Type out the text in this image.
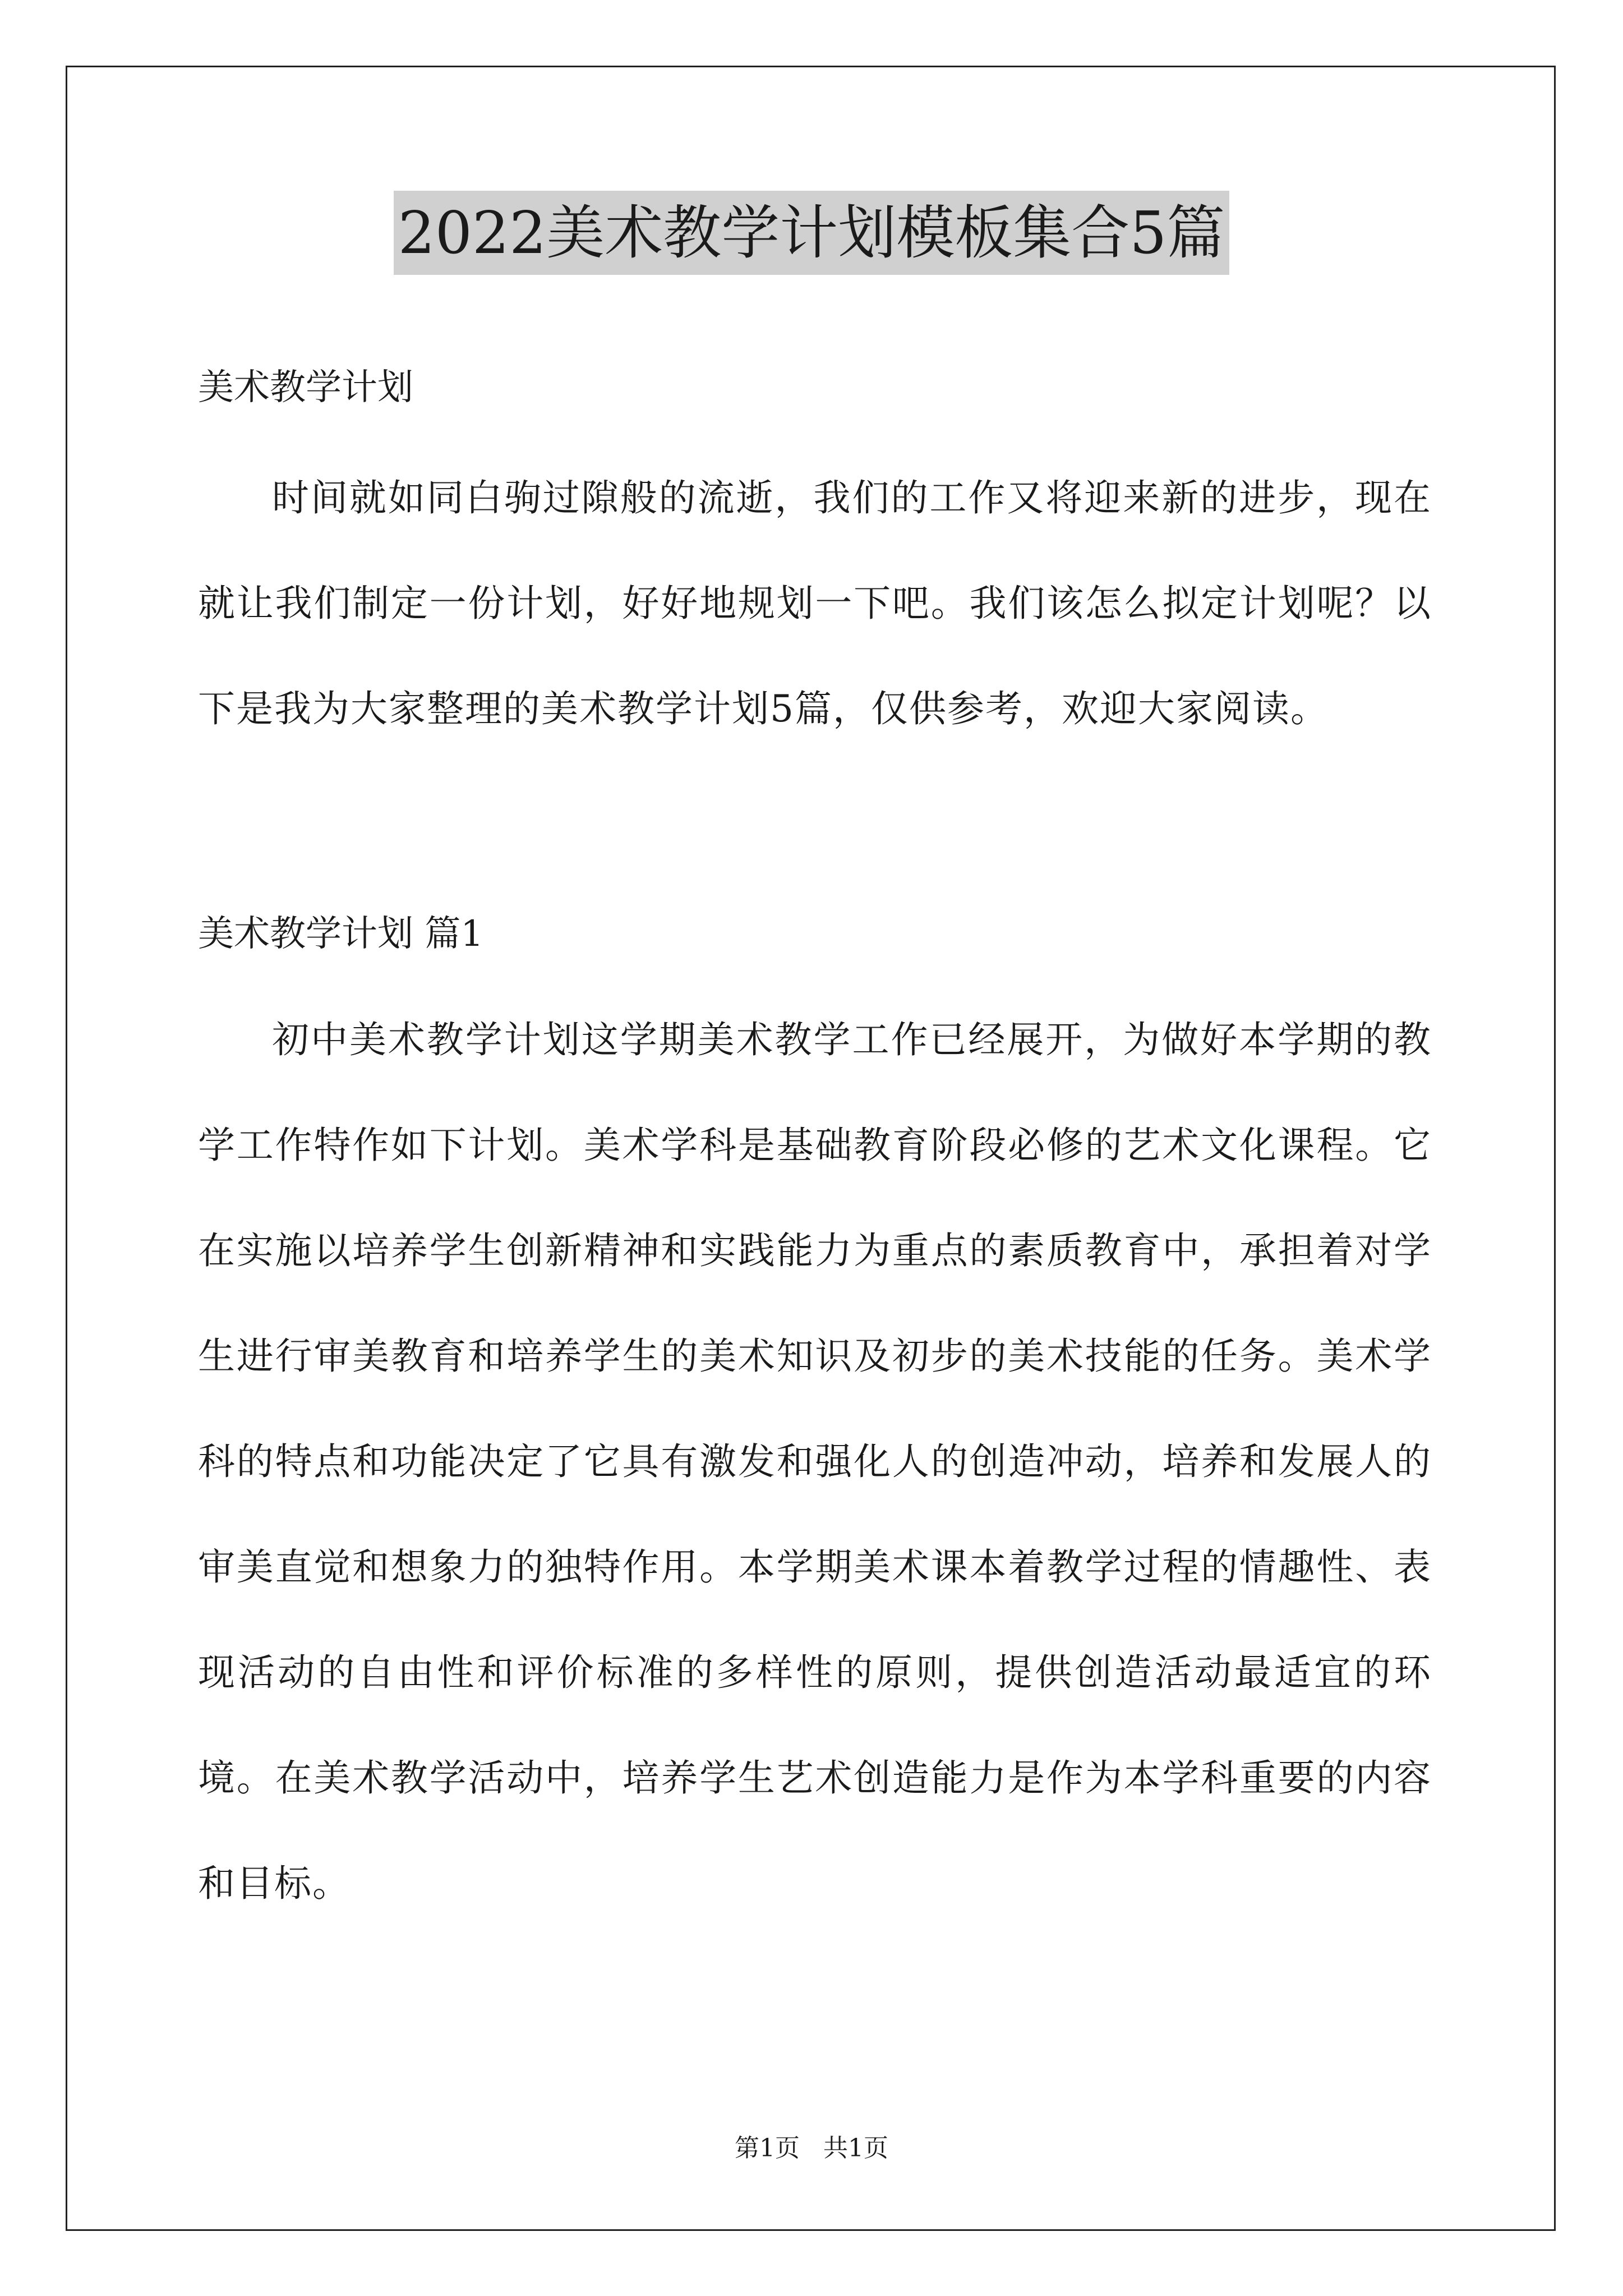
2022美术教学计划模板集合5篇

美术教学计划

时间就如同白驹过隙般的流逝，我们的工作又将迎来新的进步，现在就让我们制定一份计划，好好地规划一下吧。我们该怎么拟定计划呢？以下是我为大家整理的美术教学计划5篇，仅供参考，欢迎大家阅读。

美术教学计划 篇1

初中美术教学计划这学期美术教学工作已经展开，为做好本学期的教学工作特作如下计划。美术学科是基础教育阶段必修的艺术文化课程。它在实施以培养学生创新精神和实践能力为重点的素质教育中，承担着对学生进行审美教育和培养学生的美术知识及初步的美术技能的任务。美术学科的特点和功能决定了它具有激发和强化人的创造冲动，培养和发展人的审美直觉和想象力的独特作用。本学期美术课本着教学过程的情趣性、表现活动的自由性和评价标准的多样性的原则，提供创造活动最适宜的环境。在美术教学活动中，培养学生艺术创造能力是作为本学科重要的内容和目标。

第1页   共1页
